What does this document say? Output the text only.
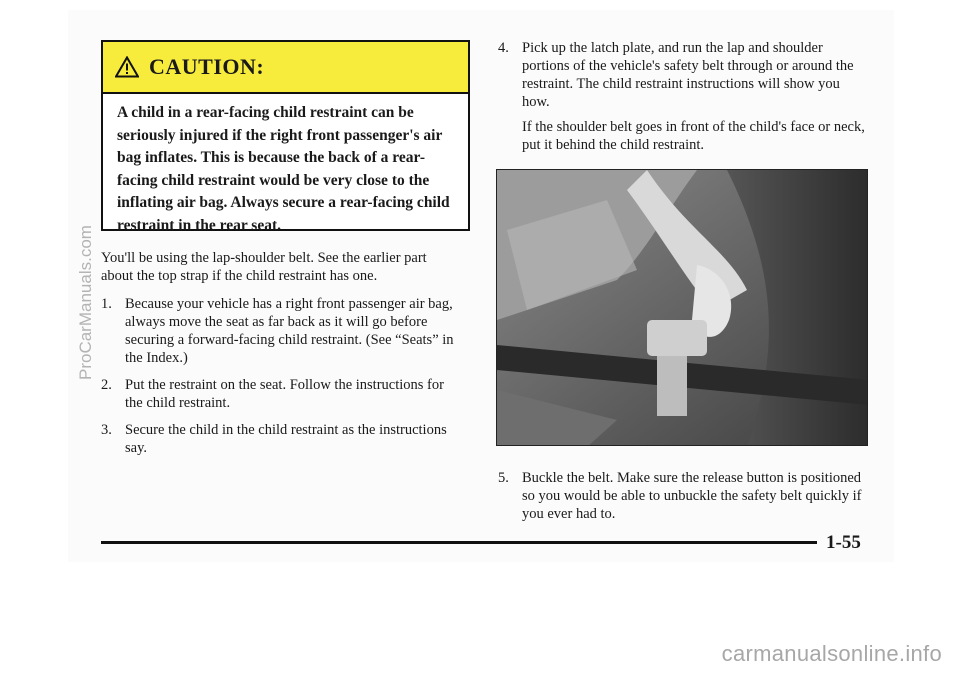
CAUTION:
A child in a rear-facing child restraint can be seriously injured if the right front passenger's air bag inflates. This is because the back of a rear-facing child restraint would be very close to the inflating air bag. Always secure a rear-facing child restraint in the rear seat.
You'll be using the lap-shoulder belt. See the earlier part about the top strap if the child restraint has one.
1. Because your vehicle has a right front passenger air bag, always move the seat as far back as it will go before securing a forward-facing child restraint. (See “Seats” in the Index.)
2. Put the restraint on the seat. Follow the instructions for the child restraint.
3. Secure the child in the child restraint as the instructions say.
4. Pick up the latch plate, and run the lap and shoulder portions of the vehicle's safety belt through or around the restraint. The child restraint instructions will show you how.
If the shoulder belt goes in front of the child's face or neck, put it behind the child restraint.
5. Buckle the belt. Make sure the release button is positioned so you would be able to unbuckle the safety belt quickly if you ever had to.
1-55
ProCarManuals.com
carmanualsonline.info
